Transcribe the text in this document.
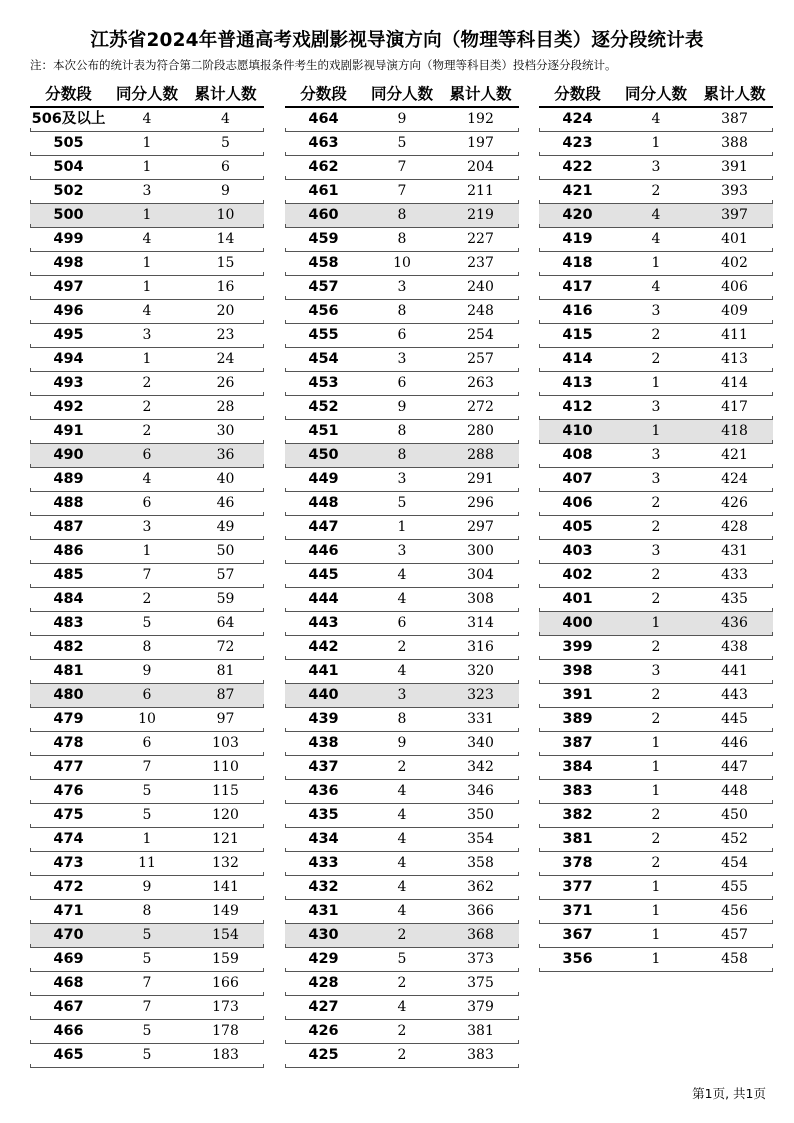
江苏省2024年普通高考戏剧影视导演方向（物理等科目类）逐分段统计表
注：本次公布的统计表为符合第二阶段志愿填报条件考生的戏剧影视导演方向（物理等科目类）投档分逐分段统计。
分数段	同分人数	累计人数
506及以上	4	4
505	1	5
504	1	6
502	3	9
500	1	10
499	4	14
498	1	15
497	1	16
496	4	20
495	3	23
494	1	24
493	2	26
492	2	28
491	2	30
490	6	36
489	4	40
488	6	46
487	3	49
486	1	50
485	7	57
484	2	59
483	5	64
482	8	72
481	9	81
480	6	87
479	10	97
478	6	103
477	7	110
476	5	115
475	5	120
474	1	121
473	11	132
472	9	141
471	8	149
470	5	154
469	5	159
468	7	166
467	7	173
466	5	178
465	5	183
分数段	同分人数	累计人数
464	9	192
463	5	197
462	7	204
461	7	211
460	8	219
459	8	227
458	10	237
457	3	240
456	8	248
455	6	254
454	3	257
453	6	263
452	9	272
451	8	280
450	8	288
449	3	291
448	5	296
447	1	297
446	3	300
445	4	304
444	4	308
443	6	314
442	2	316
441	4	320
440	3	323
439	8	331
438	9	340
437	2	342
436	4	346
435	4	350
434	4	354
433	4	358
432	4	362
431	4	366
430	2	368
429	5	373
428	2	375
427	4	379
426	2	381
425	2	383
分数段	同分人数	累计人数
424	4	387
423	1	388
422	3	391
421	2	393
420	4	397
419	4	401
418	1	402
417	4	406
416	3	409
415	2	411
414	2	413
413	1	414
412	3	417
410	1	418
408	3	421
407	3	424
406	2	426
405	2	428
403	3	431
402	2	433
401	2	435
400	1	436
399	2	438
398	3	441
391	2	443
389	2	445
387	1	446
384	1	447
383	1	448
382	2	450
381	2	452
378	2	454
377	1	455
371	1	456
367	1	457
356	1	458
第1页, 共1页
